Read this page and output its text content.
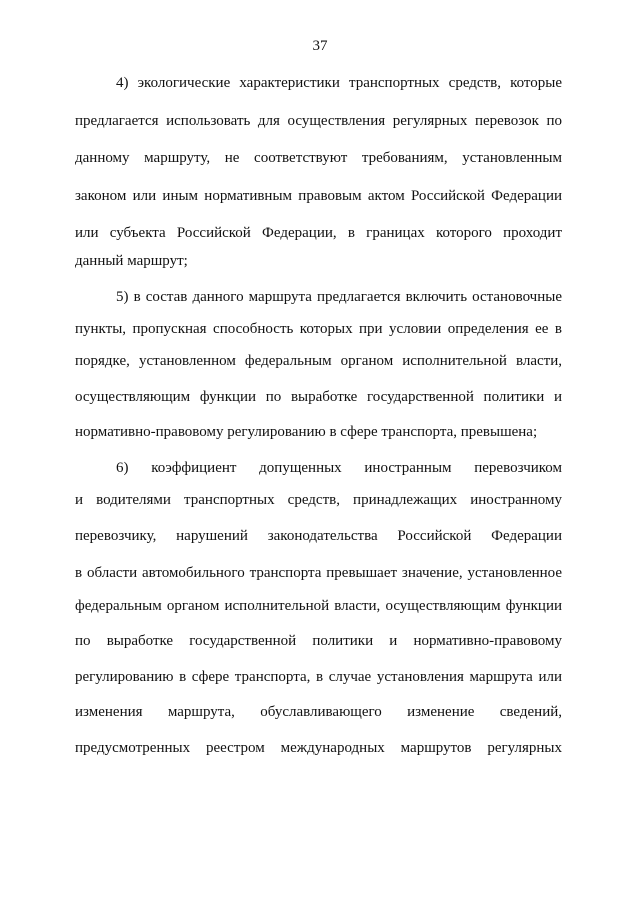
37
4) экологические характеристики транспортных средств, которые
предлагается использовать для осуществления регулярных перевозок по
данному маршруту, не соответствуют требованиям, установленным
законом или иным нормативным правовым актом Российской Федерации
или субъекта Российской Федерации, в границах которого проходит
данный маршрут;
5) в состав данного маршрута предлагается включить остановочные
пункты, пропускная способность которых при условии определения ее в
порядке, установленном федеральным органом исполнительной власти,
осуществляющим функции по выработке государственной политики и
нормативно-правовому регулированию в сфере транспорта, превышена;
6) коэффициент допущенных иностранным перевозчиком
и водителями транспортных средств, принадлежащих иностранному
перевозчику, нарушений законодательства Российской Федерации
в области автомобильного транспорта превышает значение, установленное
федеральным органом исполнительной власти, осуществляющим функции
по выработке государственной политики и нормативно-правовому
регулированию в сфере транспорта, в случае установления маршрута или
изменения маршрута, обуславливающего изменение сведений,
предусмотренных реестром международных маршрутов регулярных
